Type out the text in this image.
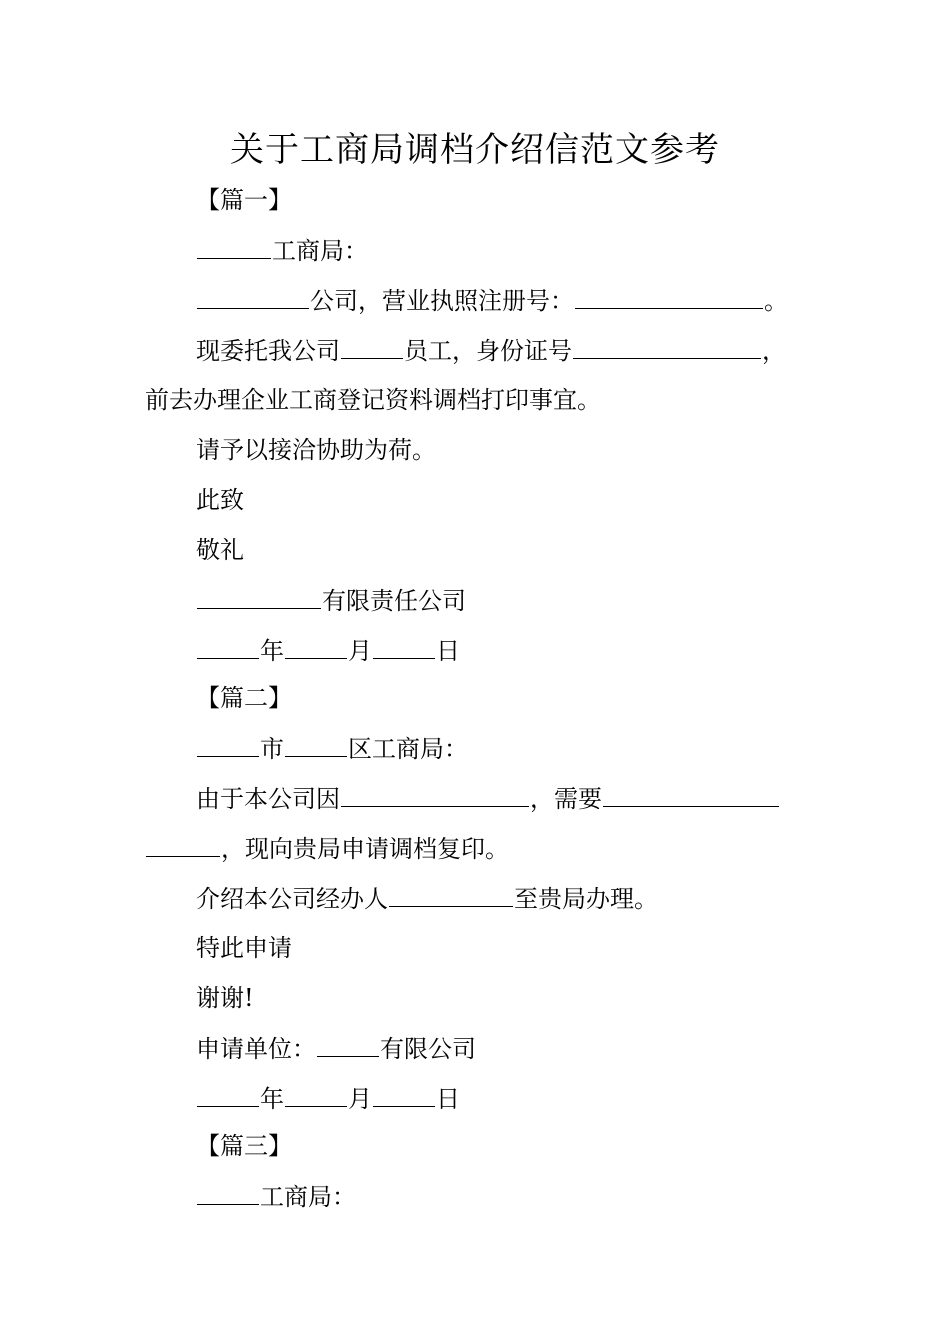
关于工商局调档介绍信范文参考
【篇一】
工商局：
公司，营业执照注册号：	。
现委托我公司	员工，身份证号	，
前去办理企业工商登记资料调档打印事宜。
请予以接洽协助为荷。
此致
敬礼
有限责任公司
年	月	日
【篇二】
市	区工商局：
由于本公司因	，需要
，现向贵局申请调档复印。
介绍本公司经办人	至贵局办理。
特此申请
谢谢!
申请单位：	有限公司
年	月	日
【篇三】
工商局：
